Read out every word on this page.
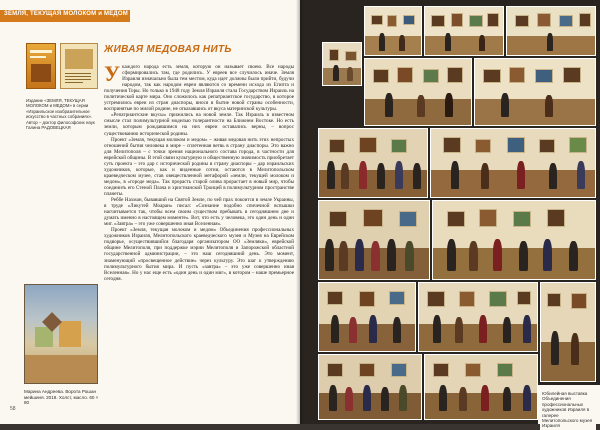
ЗЕМЛЯ, ТЕКУЩАЯ МОЛОКОМ и МЕДОМ
Издание «ЗЕМЛЯ, ТЕКУЩАЯ МОЛОКОМ и МЕДОМ» в серии «Израильское изобразительное искусство в частных собраниях». Автор – доктор философских наук Галина РАДОВЕЦКАЯ
ЖИВАЯ МЕДОВАЯ НИТЬ

Укаждого народа есть земля, которую он называет своею. Все народы сформировались там, где родились. У евреев все случилось иначе. Земля Израиля изначально была тем местом, куда идет должны были прийти, будучи народом, так как народом евреи являются со времени исхода из Египта и получения Торы. Но только в 1948 году Земля Израиля стала Государством Израиль на политической карте мира. Оно сложилось как репатриантское государство, в которое устремились евреи из стран диаспоры, внося в бытие новой страны особенности, воспринятые по милой родине, не отказавшись от вкуса материнской культуры.

«Репатриантские вкусы» прижились на новой земле. Так Израиль в известном смысле стал полимультурной моделью толерантности на Ближнем Востоке. Но есть земли, которым рождавшимся на них евреи оставались верны, – вопрос существованию исторической родины.

Проект «Земля, текущая молоком и медом» – живая медовая нить этих непростых отношений бытия человека в мире – сплетенная ветвь в страну диаспоры. Это важно для Мелитополя – с точки зрения национального состава города, в частности для еврейской общины. В этой связи культурную и общественную значимость приобретает суть проекта – это дар с исторической родины в страну диаспоры – дар израильских художников, которые, как и виденные сотни, остаются в Мелитопольском краеведческом музее, став овеществленной метафорой «земли, текущей молоком и медом», в «городе меда». Так прорасть старой олива прорастает в новый мир, чтобы соединить его Стеной Плача и христианской Троицей в полимультурном пространстве планеты.

Реббе Нахман, бывавший на Святой Земле, по чей прах покоится в земле Украины, в труде «Ликутей Моаран» писал: «Сознание подобно спичечной вспышки насчитывается так, чтобы всем своим существом пребывать в сегодняшнем дне и думать именно в настоящем моменте». Вот, что есть у человека, это один день и один миг. «Завтра» – это уже совершенно иная Вселенная».

Проект «Земля, текущая молоком и медом» Объединения профессиональных художников Израиля, Мелитопольского краеведческого музея и Музея на Еврейском подворье, осуществившийся благодаря организатором ОО «Земляки», еврейской общине Мелитополя, при поддержке мэрии Мелитополя и Запорожской областной государственной администрации, – это наш сегодняшний день. Это момент, знаменующий «просвещенное действие» через культуру. Это шаг к утверждению полимультурного бытия мира. И пусть «завтра» – это уже совершенно иная Вселенная». Но у нас еще есть «один день и один миг», в котором – наше премьерное сегодня.

Марина Андреева. Ворота Рошан мейшиня. 2018. Холст, масло. 60 × 80
58
Юбилейная выставка Объединения профессиональных художников Израиля в галерее Мелитопольского музея Израиля
